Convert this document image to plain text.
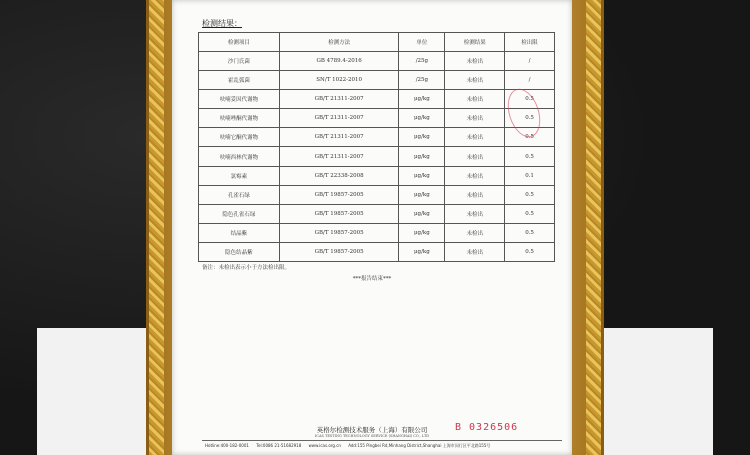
检测结果：
检测项目	检测方法	单位	检测结果	检出限
沙门氏菌	GB 4789.4-2016	/25g	未检出	/
霍乱弧菌	SN/T 1022-2010	/25g	未检出	/
呋喃妥因代谢物	GB/T 21311-2007	μg/kg	未检出	0.5
呋喃唑酮代谢物	GB/T 21311-2007	μg/kg	未检出	0.5
呋喃它酮代谢物	GB/T 21311-2007	μg/kg	未检出	0.5
呋喃西林代谢物	GB/T 21311-2007	μg/kg	未检出	0.5
氯霉素	GB/T 22338-2008	μg/kg	未检出	0.1
孔雀石绿	GB/T 19857-2005	μg/kg	未检出	0.5
隐色孔雀石绿	GB/T 19857-2005	μg/kg	未检出	0.5
结晶紫	GB/T 19857-2005	μg/kg	未检出	0.5
隐色结晶紫	GB/T 19857-2005	μg/kg	未检出	0.5
备注：未检出表示小于方法检出限。
***报告结束***
英格尔检测技术服务（上海）有限公司
ICAS TESTING TECHNOLOGY SERVICE (SHANGHAI) CO., LTD
B 0326506
Hotline:400-182-0001 Tel:0086 21-51682918 www.icas.org.cn Add:155 Pingbei Rd,Minhang District,Shanghai 上海市闵行区平北路155号
